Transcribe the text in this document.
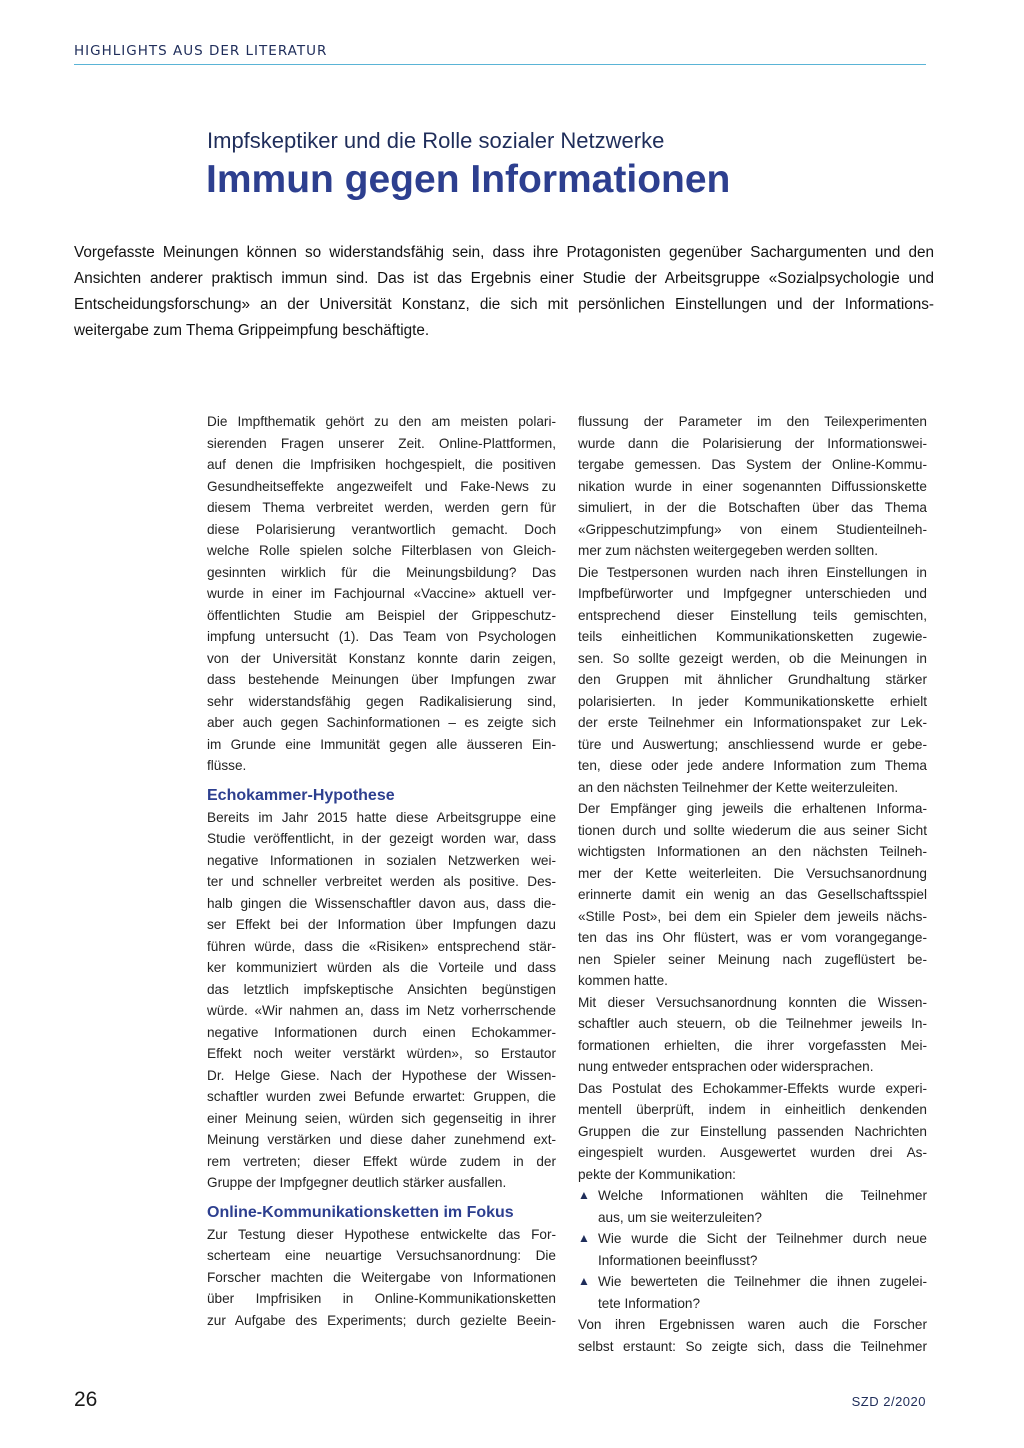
HIGHLIGHTS AUS DER LITERATUR
Impfskeptiker und die Rolle sozialer Netzwerke
Immun gegen Informationen

Vorgefasste Meinungen können so widerstandsfähig sein, dass ihre Protagonisten gegenüber Sachargumenten und den
Ansichten anderer praktisch immun sind. Das ist das Ergebnis einer Studie der Arbeitsgruppe «Sozialpsychologie und
Entscheidungsforschung» an der Universität Konstanz, die sich mit persönlichen Einstellungen und der Informations-
weitergabe zum Thema Grippeimpfung beschäftigte.

Die Impfthematik gehört zu den am meisten polari-
sierenden Fragen unserer Zeit. Online-Plattformen,
auf denen die Impfrisiken hochgespielt, die positiven
Gesundheitseffekte angezweifelt und Fake-News zu
diesem Thema verbreitet werden, werden gern für
diese Polarisierung verantwortlich gemacht. Doch
welche Rolle spielen solche Filterblasen von Gleich-
gesinnten wirklich für die Meinungsbildung? Das
wurde in einer im Fachjournal «Vaccine» aktuell ver-
öffentlichten Studie am Beispiel der Grippeschutz-
impfung untersucht (1). Das Team von Psychologen
von der Universität Konstanz konnte darin zeigen,
dass bestehende Meinungen über Impfungen zwar
sehr widerstandsfähig gegen Radikalisierung sind,
aber auch gegen Sachinformationen – es zeigte sich
im Grunde eine Immunität gegen alle äusseren Ein-
flüsse.
Echokammer-Hypothese
Bereits im Jahr 2015 hatte diese Arbeitsgruppe eine
Studie veröffentlicht, in der gezeigt worden war, dass
negative Informationen in sozialen Netzwerken wei-
ter und schneller verbreitet werden als positive. Des-
halb gingen die Wissenschaftler davon aus, dass die-
ser Effekt bei der Information über Impfungen dazu
führen würde, dass die «Risiken» entsprechend stär-
ker kommuniziert würden als die Vorteile und dass
das letztlich impfskeptische Ansichten begünstigen
würde. «Wir nahmen an, dass im Netz vorherrschende
negative Informationen durch einen Echokammer-
Effekt noch weiter verstärkt würden», so Erstautor
Dr. Helge Giese. Nach der Hypothese der Wissen-
schaftler wurden zwei Befunde erwartet: Gruppen, die
einer Meinung seien, würden sich gegenseitig in ihrer
Meinung verstärken und diese daher zunehmend ext-
rem vertreten; dieser Effekt würde zudem in der
Gruppe der Impfgegner deutlich stärker ausfallen.
Online-Kommunikationsketten im Fokus
Zur Testung dieser Hypothese entwickelte das For-
scherteam eine neuartige Versuchsanordnung: Die
Forscher machten die Weitergabe von Informationen
über Impfrisiken in Online-Kommunikationsketten
zur Aufgabe des Experiments; durch gezielte Beein-
flussung der Parameter im den Teilexperimenten
wurde dann die Polarisierung der Informationswei-
tergabe gemessen. Das System der Online-Kommu-
nikation wurde in einer sogenannten Diffussionskette
simuliert, in der die Botschaften über das Thema
«Grippeschutzimpfung» von einem Studienteilneh-
mer zum nächsten weitergegeben werden sollten.
Die Testpersonen wurden nach ihren Einstellungen in
Impfbefürworter und Impfgegner unterschieden und
entsprechend dieser Einstellung teils gemischten,
teils einheitlichen Kommunikationsketten zugewie-
sen. So sollte gezeigt werden, ob die Meinungen in
den Gruppen mit ähnlicher Grundhaltung stärker
polarisierten. In jeder Kommunikationskette erhielt
der erste Teilnehmer ein Informationspaket zur Lek-
türe und Auswertung; anschliessend wurde er gebe-
ten, diese oder jede andere Information zum Thema
an den nächsten Teilnehmer der Kette weiterzuleiten.
Der Empfänger ging jeweils die erhaltenen Informa-
tionen durch und sollte wiederum die aus seiner Sicht
wichtigsten Informationen an den nächsten Teilneh-
mer der Kette weiterleiten. Die Versuchsanordnung
erinnerte damit ein wenig an das Gesellschaftsspiel
«Stille Post», bei dem ein Spieler dem jeweils nächs-
ten das ins Ohr flüstert, was er vom vorangegange-
nen Spieler seiner Meinung nach zugeflüstert be-
kommen hatte.
Mit dieser Versuchsanordnung konnten die Wissen-
schaftler auch steuern, ob die Teilnehmer jeweils In-
formationen erhielten, die ihrer vorgefassten Mei-
nung entweder entsprachen oder widersprachen.
Das Postulat des Echokammer-Effekts wurde experi-
mentell überprüft, indem in einheitlich denkenden
Gruppen die zur Einstellung passenden Nachrichten
eingespielt wurden. Ausgewertet wurden drei As-
pekte der Kommunikation:
▲ Welche Informationen wählten die Teilnehmer
aus, um sie weiterzuleiten?
▲ Wie wurde die Sicht der Teilnehmer durch neue
Informationen beeinflusst?
▲ Wie bewerteten die Teilnehmer die ihnen zugelei-
tete Information?
Von ihren Ergebnissen waren auch die Forscher
selbst erstaunt: So zeigte sich, dass die Teilnehmer
26	SZD 2/2020
